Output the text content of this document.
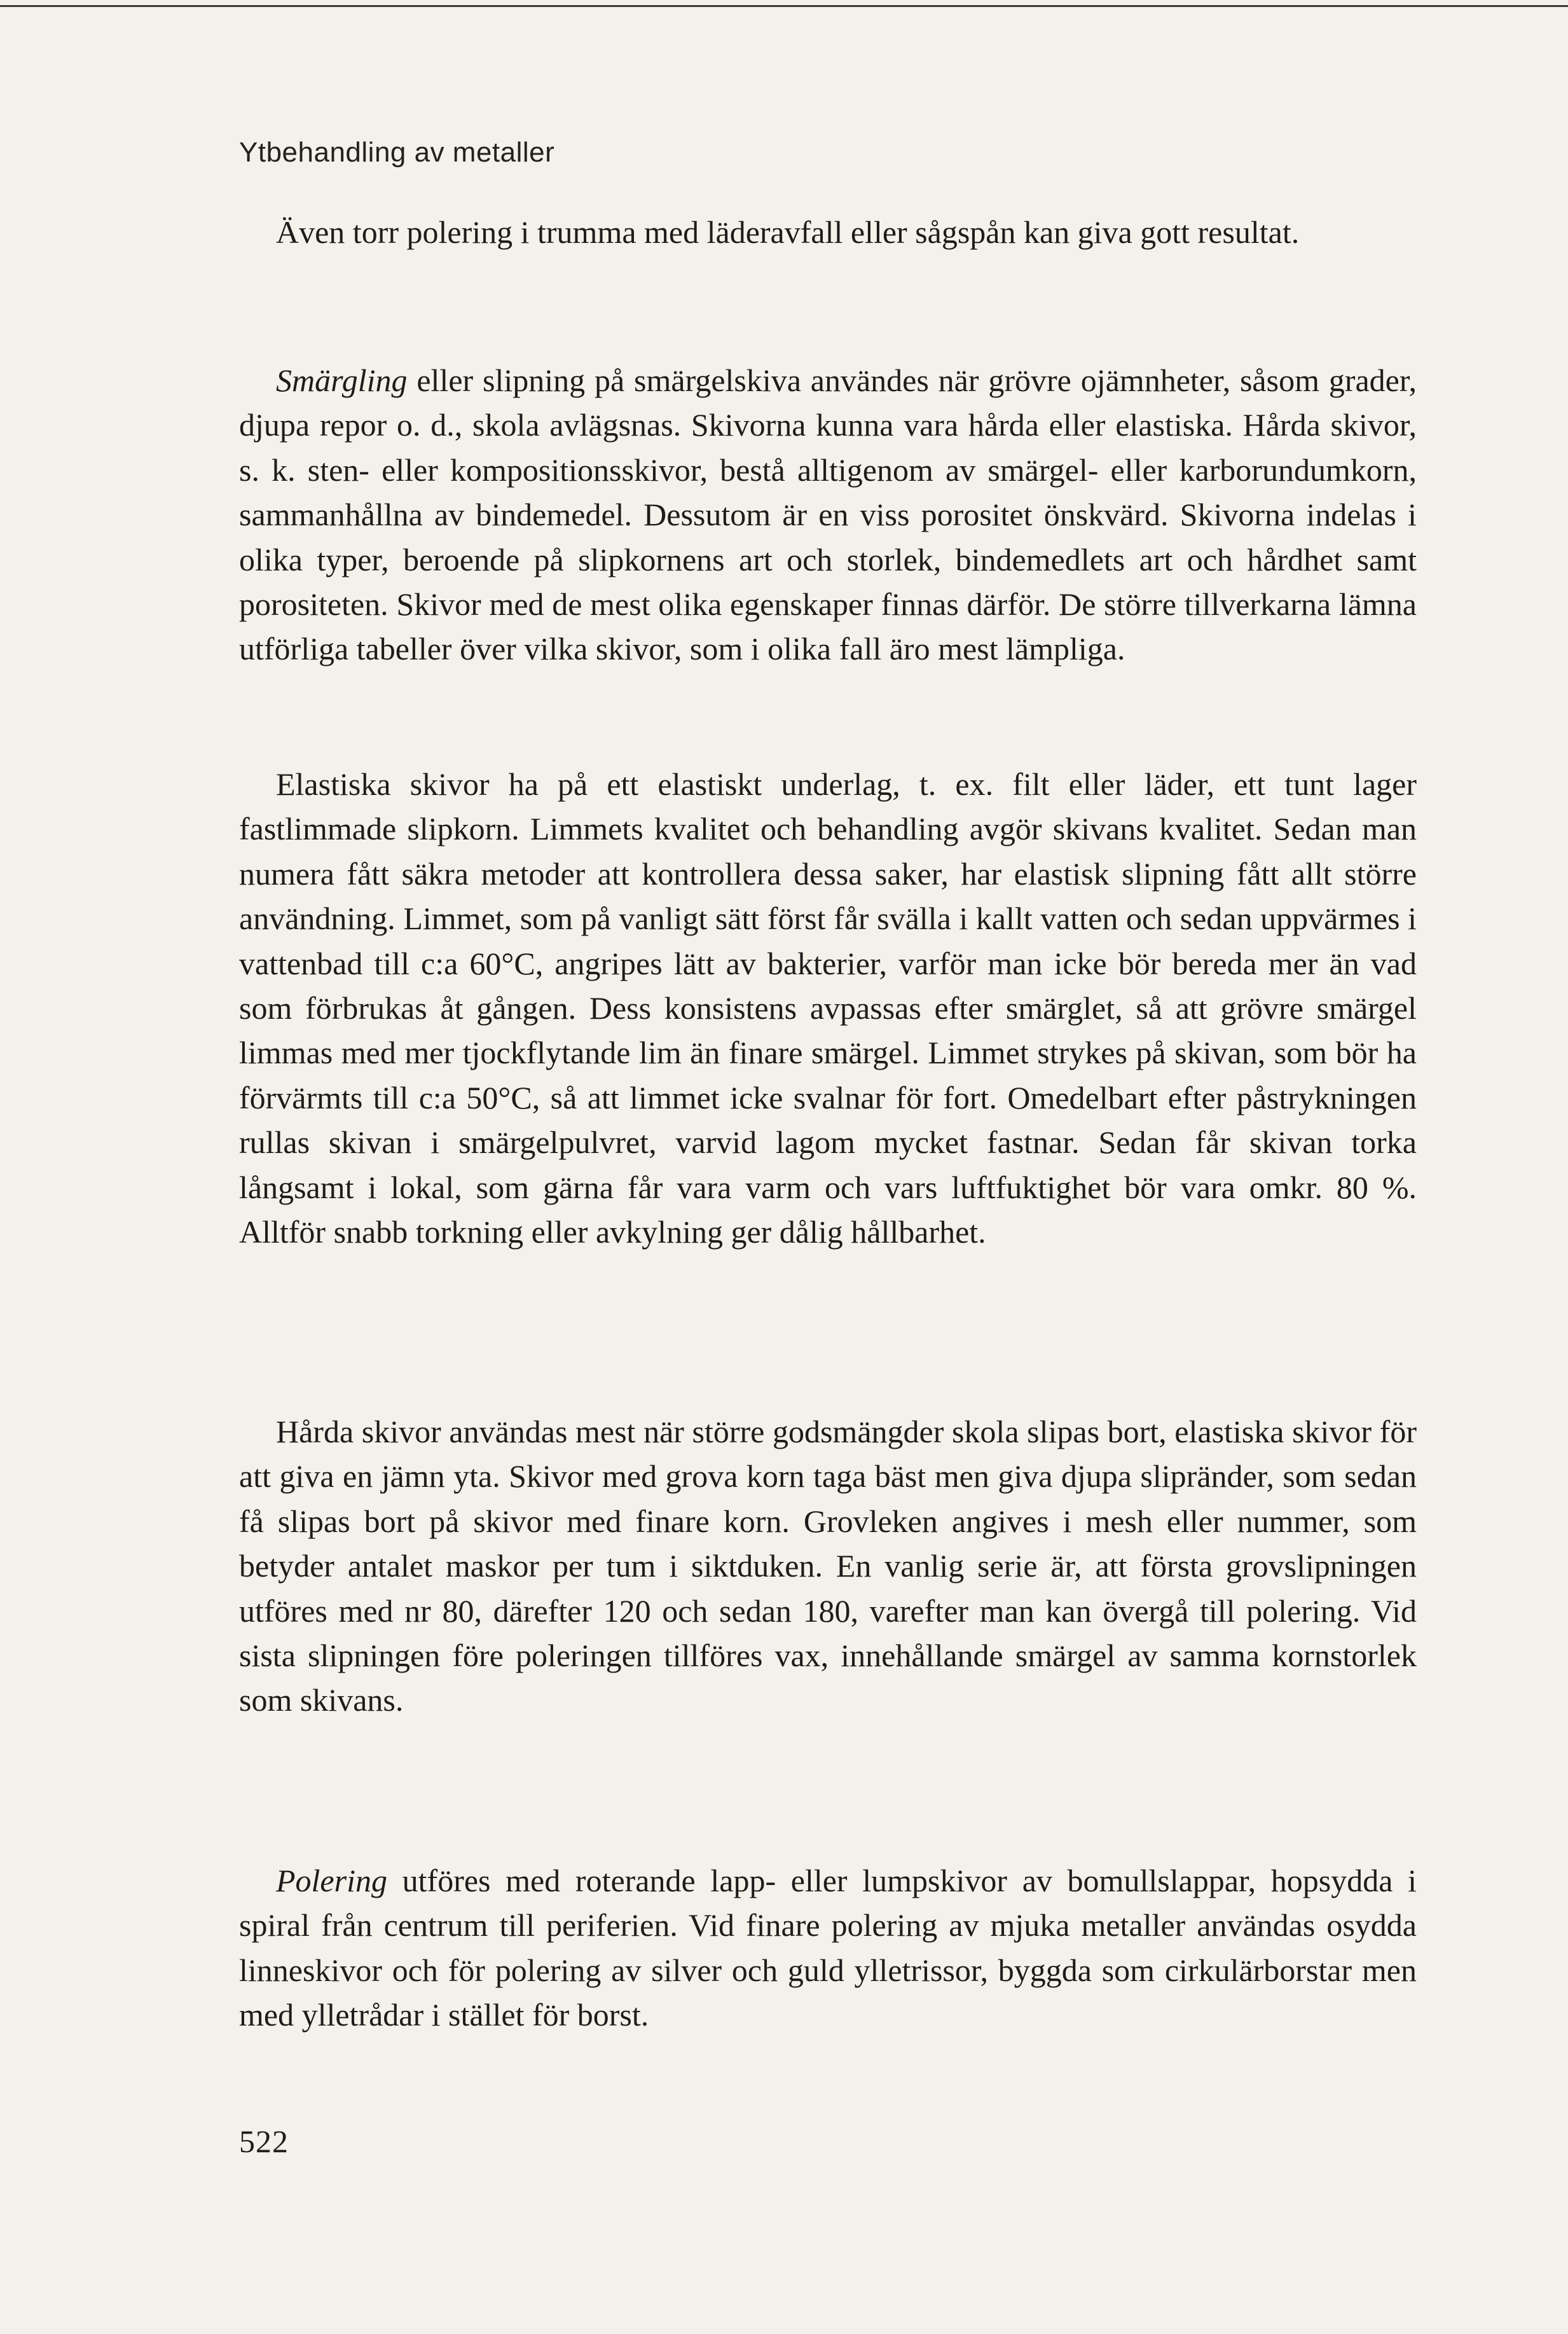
Ytbehandling av metaller

Även torr polering i trumma med läderavfall eller sågspån kan giva gott resultat.

Smärgling eller slipning på smärgelskiva användes när grövre ojämnheter, såsom grader, djupa repor o. d., skola avlägsnas. Skivorna kunna vara hårda eller elastiska. Hårda skivor, s. k. sten- eller kompositionsskivor, bestå alltigenom av smärgel- eller karborundumkorn, sammanhållna av bindemedel. Dessutom är en viss porositet önskvärd. Skivorna indelas i olika typer, beroende på slipkornens art och storlek, bindemedlets art och hårdhet samt porositeten. Skivor med de mest olika egenskaper finnas därför. De större tillverkarna lämna utförliga tabeller över vilka skivor, som i olika fall äro mest lämpliga.

Elastiska skivor ha på ett elastiskt underlag, t. ex. filt eller läder, ett tunt lager fastlimmade slipkorn. Limmets kvalitet och behandling avgör skivans kvalitet. Sedan man numera fått säkra metoder att kontrollera dessa saker, har elastisk slipning fått allt större användning. Limmet, som på vanligt sätt först får svälla i kallt vatten och sedan uppvärmes i vattenbad till c:a 60°C, angripes lätt av bakterier, varför man icke bör bereda mer än vad som förbrukas åt gången. Dess konsistens avpassas efter smärglet, så att grövre smärgel limmas med mer tjockflytande lim än finare smärgel. Limmet strykes på skivan, som bör ha förvärmts till c:a 50°C, så att limmet icke svalnar för fort. Omedelbart efter påstrykningen rullas skivan i smärgelpulvret, varvid lagom mycket fastnar. Sedan får skivan torka långsamt i lokal, som gärna får vara varm och vars luftfuktighet bör vara omkr. 80 %. Alltför snabb torkning eller avkylning ger dålig hållbarhet.

Hårda skivor användas mest när större godsmängder skola slipas bort, elastiska skivor för att giva en jämn yta. Skivor med grova korn taga bäst men giva djupa slipränder, som sedan få slipas bort på skivor med finare korn. Grovleken angives i mesh eller nummer, som betyder antalet maskor per tum i siktduken. En vanlig serie är, att första grovslipningen utföres med nr 80, därefter 120 och sedan 180, varefter man kan övergå till polering. Vid sista slipningen före poleringen tillföres vax, innehållande smärgel av samma kornstorlek som skivans.

Polering utföres med roterande lapp- eller lumpskivor av bomullslappar, hopsydda i spiral från centrum till periferien. Vid finare polering av mjuka metaller användas osydda linneskivor och för polering av silver och guld ylletrissor, byggda som cirkulärborstar men med ylletrådar i stället för borst.

522
